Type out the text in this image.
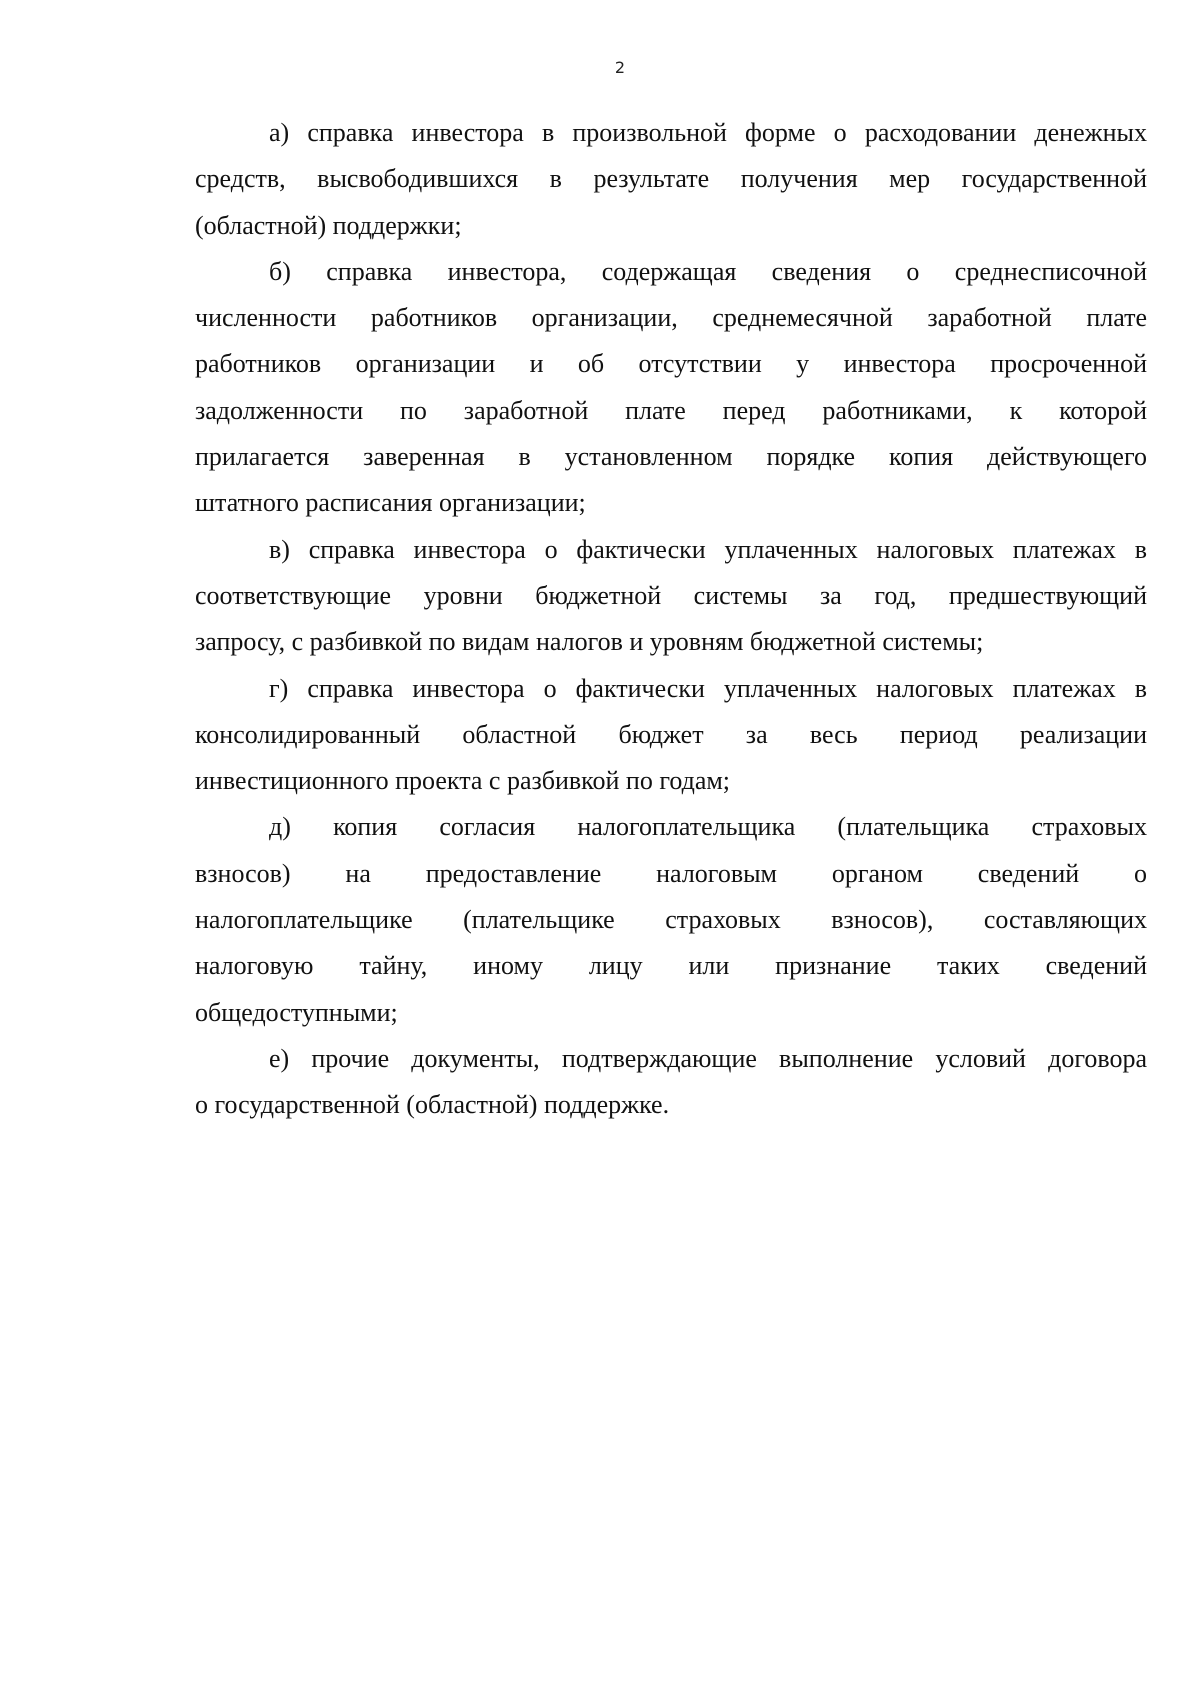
2

а) справка инвестора в произвольной форме о расходовании денежных
средств, высвободившихся в результате получения мер государственной
(областной) поддержки;

б) справка инвестора, содержащая сведения о среднесписочной
численности работников организации, среднемесячной заработной плате
работников организации и об отсутствии у инвестора просроченной
задолженности по заработной плате перед работниками, к которой
прилагается заверенная в установленном порядке копия действующего
штатного расписания организации;

в) справка инвестора о фактически уплаченных налоговых платежах в
соответствующие уровни бюджетной системы за год, предшествующий
запросу, с разбивкой по видам налогов и уровням бюджетной системы;

г) справка инвестора о фактически уплаченных налоговых платежах в
консолидированный областной бюджет за весь период реализации
инвестиционного проекта с разбивкой по годам;

д) копия согласия налогоплательщика (плательщика страховых
взносов) на предоставление налоговым органом сведений о
налогоплательщике (плательщике страховых взносов), составляющих
налоговую тайну, иному лицу или признание таких сведений
общедоступными;

е) прочие документы, подтверждающие выполнение условий договора
о государственной (областной) поддержке.
